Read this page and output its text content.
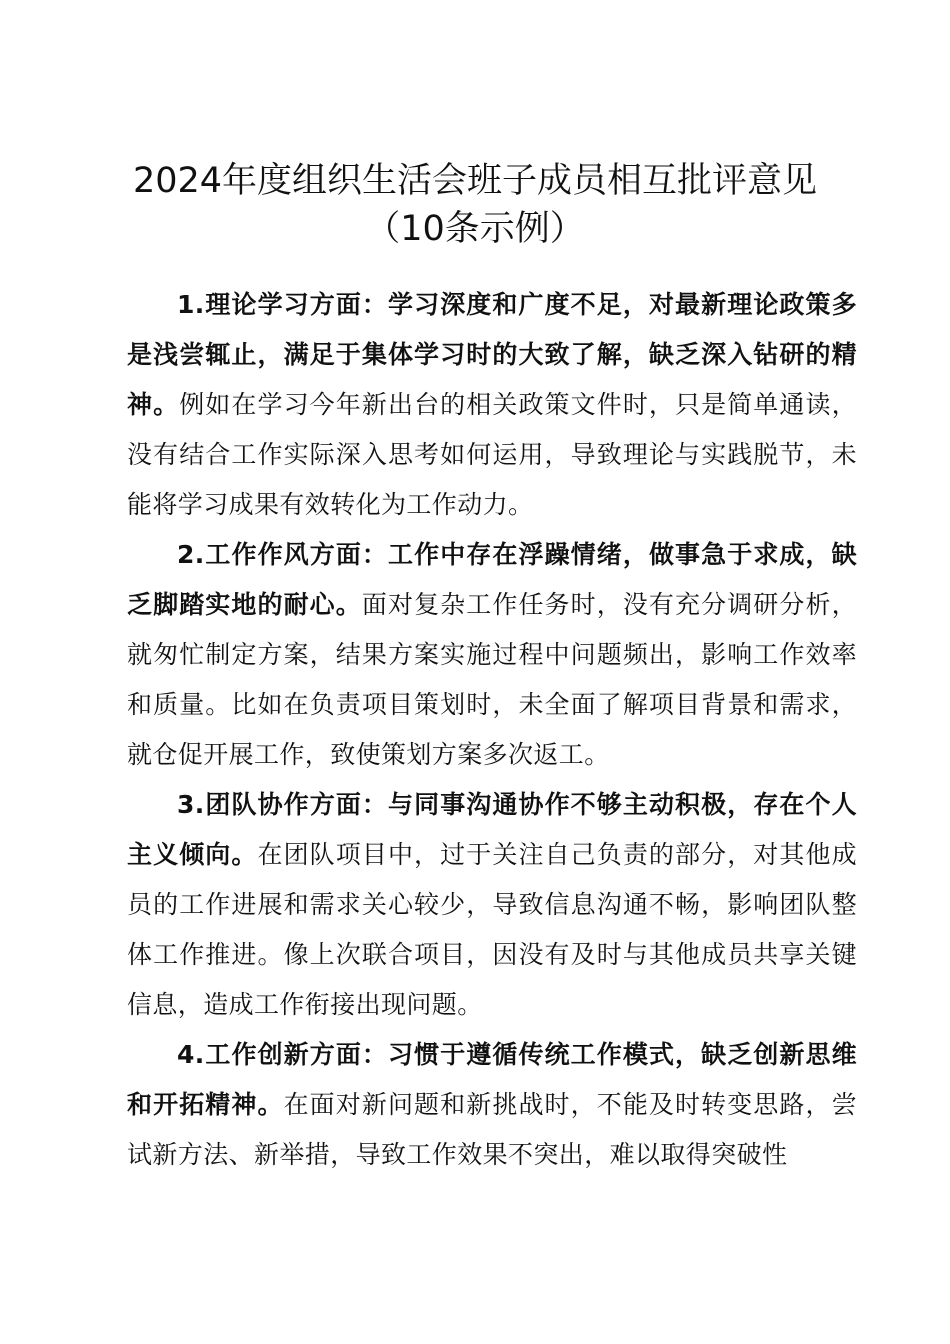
2024年度组织生活会班子成员相互批评意见
（10条示例）

1.理论学习方面：学习深度和广度不足，对最新理论政策多是浅尝辄止，满足于集体学习时的大致了解，缺乏深入钻研的精神。例如在学习今年新出台的相关政策文件时，只是简单通读，没有结合工作实际深入思考如何运用，导致理论与实践脱节，未能将学习成果有效转化为工作动力。

2.工作作风方面：工作中存在浮躁情绪，做事急于求成，缺乏脚踏实地的耐心。面对复杂工作任务时，没有充分调研分析，就匆忙制定方案，结果方案实施过程中问题频出，影响工作效率和质量。比如在负责项目策划时，未全面了解项目背景和需求，就仓促开展工作，致使策划方案多次返工。

3.团队协作方面：与同事沟通协作不够主动积极，存在个人主义倾向。在团队项目中，过于关注自己负责的部分，对其他成员的工作进展和需求关心较少，导致信息沟通不畅，影响团队整体工作推进。像上次联合项目，因没有及时与其他成员共享关键信息，造成工作衔接出现问题。

4.工作创新方面：习惯于遵循传统工作模式，缺乏创新思维和开拓精神。在面对新问题和新挑战时，不能及时转变思路，尝试新方法、新举措，导致工作效果不突出，难以取得突破性
